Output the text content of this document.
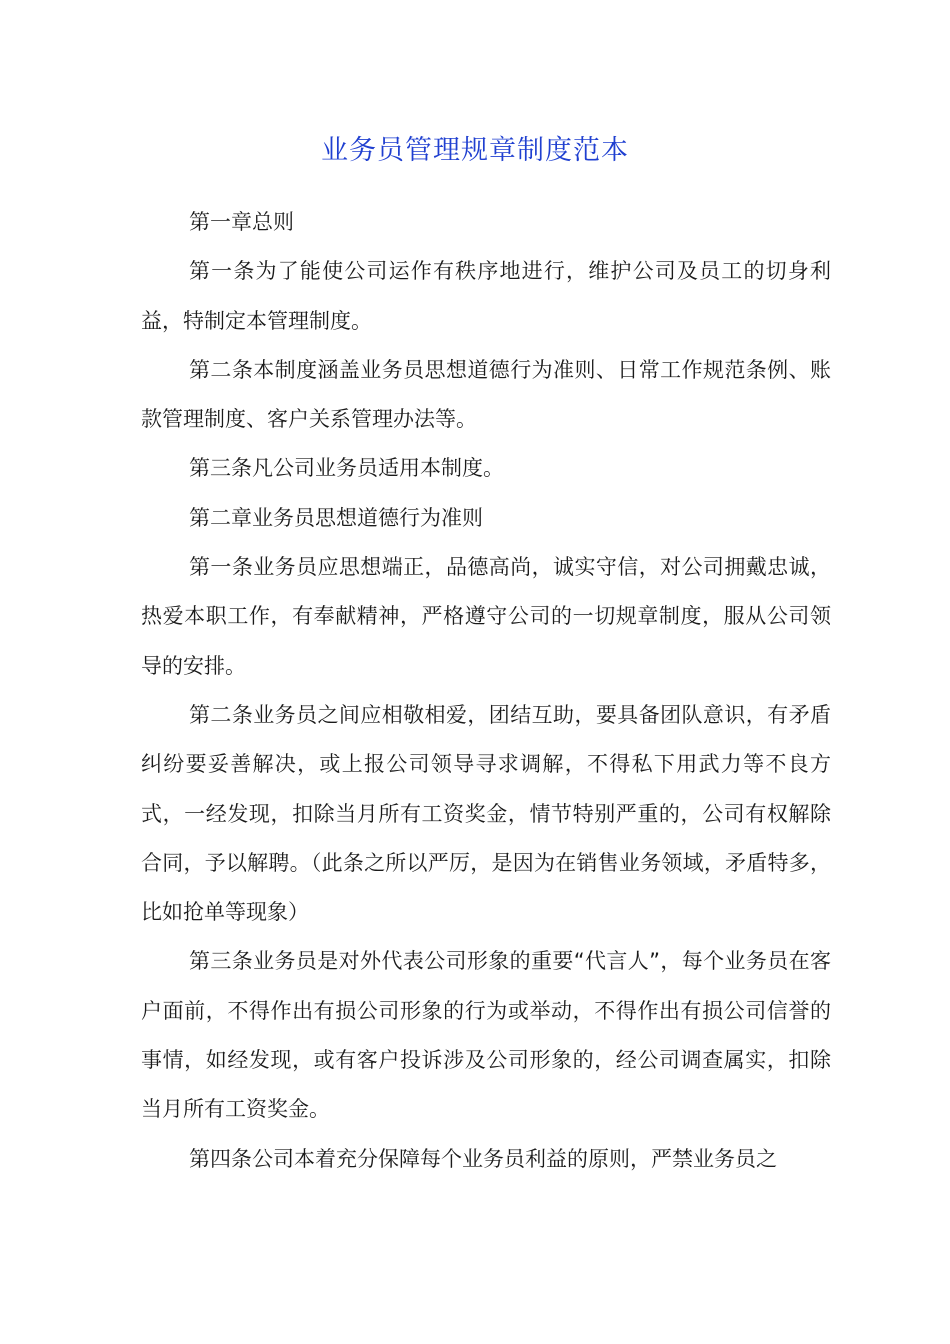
业务员管理规章制度范本

第一章总则

第一条为了能使公司运作有秩序地进行，维护公司及员工的切身利益，特制定本管理制度。

第二条本制度涵盖业务员思想道德行为准则、日常工作规范条例、账款管理制度、客户关系管理办法等。

第三条凡公司业务员适用本制度。

第二章业务员思想道德行为准则

第一条业务员应思想端正，品德高尚，诚实守信，对公司拥戴忠诚，热爱本职工作，有奉献精神，严格遵守公司的一切规章制度，服从公司领导的安排。

第二条业务员之间应相敬相爱，团结互助，要具备团队意识，有矛盾纠纷要妥善解决，或上报公司领导寻求调解，不得私下用武力等不良方式，一经发现，扣除当月所有工资奖金，情节特别严重的，公司有权解除合同，予以解聘。（此条之所以严厉，是因为在销售业务领域，矛盾特多，比如抢单等现象）

第三条业务员是对外代表公司形象的重要“代言人”，每个业务员在客户面前，不得作出有损公司形象的行为或举动，不得作出有损公司信誉的事情，如经发现，或有客户投诉涉及公司形象的，经公司调查属实，扣除当月所有工资奖金。

第四条公司本着充分保障每个业务员利益的原则，严禁业务员之
